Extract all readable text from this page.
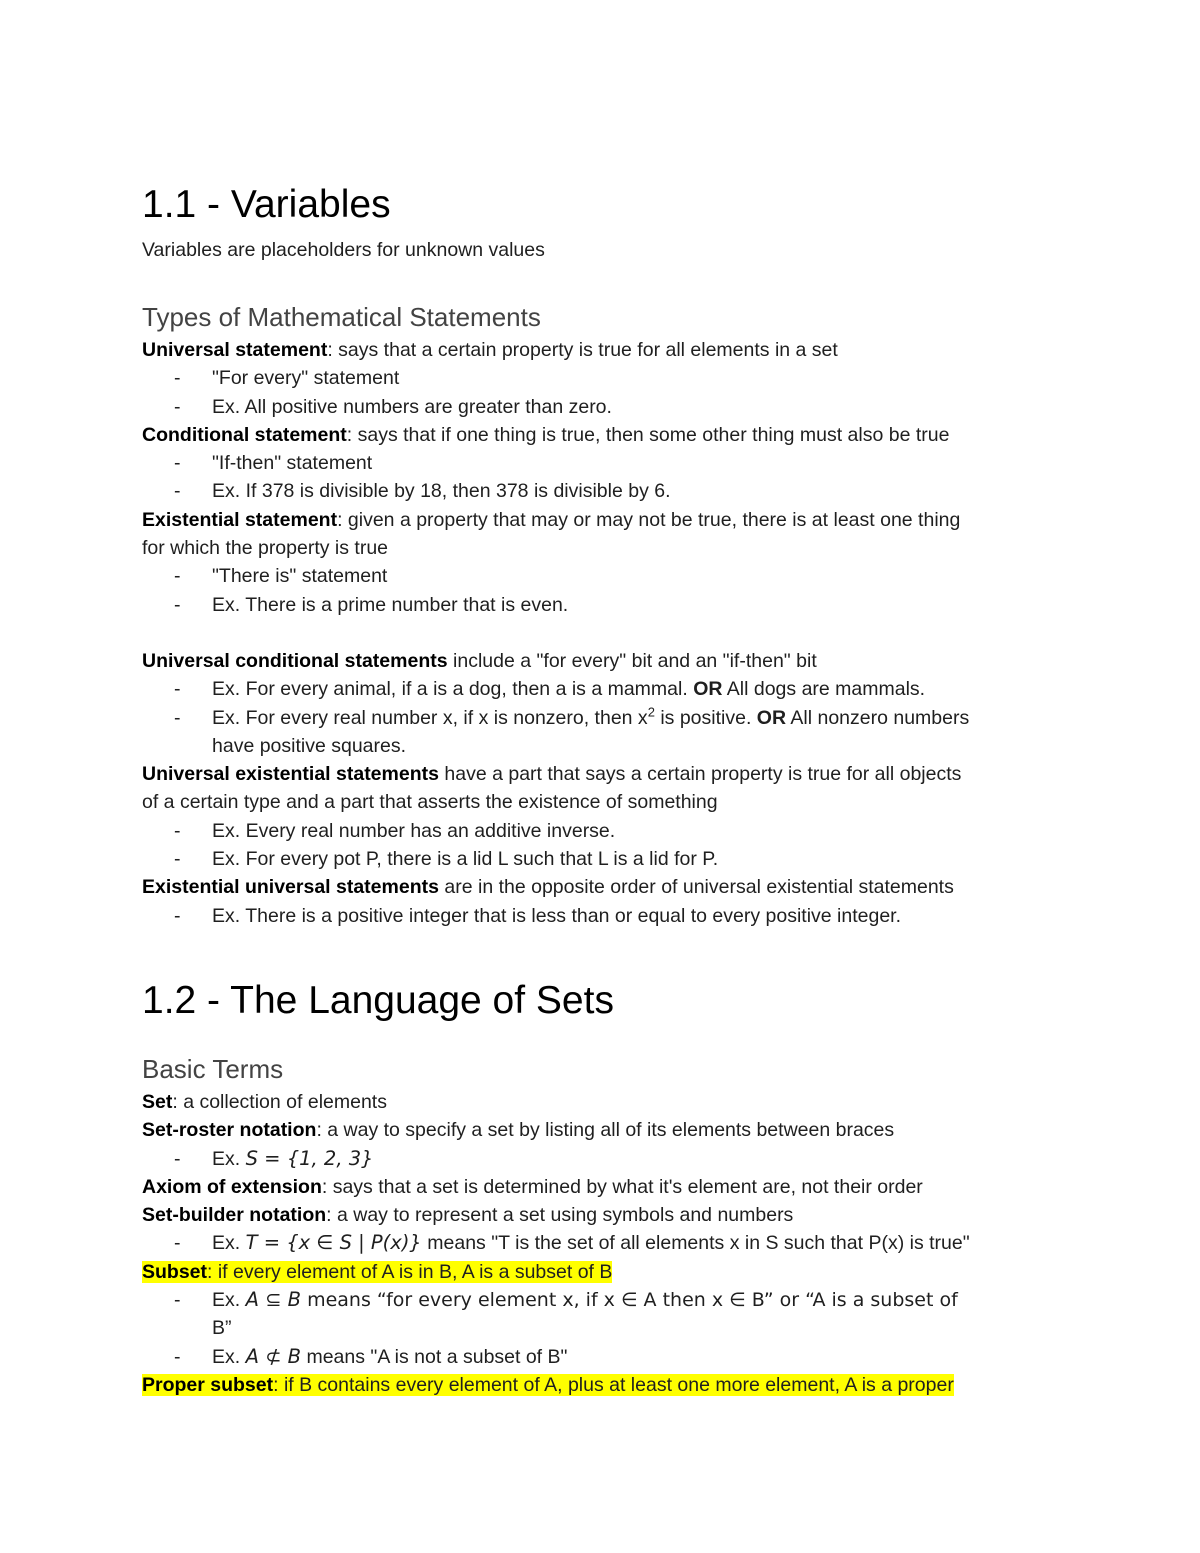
1.1 - Variables

Variables are placeholders for unknown values

Types of Mathematical Statements

Universal statement: says that a certain property is true for all elements in a set

- "For every" statement

- Ex. All positive numbers are greater than zero.

Conditional statement: says that if one thing is true, then some other thing must also be true

- "If-then" statement

- Ex. If 378 is divisible by 18, then 378 is divisible by 6.

Existential statement: given a property that may or may not be true, there is at least one thing

for which the property is true

- "There is" statement

- Ex. There is a prime number that is even.

Universal conditional statements include a "for every" bit and an "if-then" bit

- Ex. For every animal, if a is a dog, then a is a mammal. OR All dogs are mammals.

- Ex. For every real number x, if x is nonzero, then $x^2$ is positive. OR All nonzero numbers
have positive squares.

Universal existential statements have a part that says a certain property is true for all objects

of a certain type and a part that asserts the existence of something

- Ex. Every real number has an additive inverse.

- Ex. For every pot P, there is a lid L such that L is a lid for P.

Existential universal statements are in the opposite order of universal existential statements

- Ex. There is a positive integer that is less than or equal to every positive integer.

1.2 - The Language of Sets
Basic Terms

Set: a collection of elements

Set-roster notation: a way to specify a set by listing all of its elements between braces

- Ex. S = {1, 2, 3}

Axiom of extension: says that a set is determined by what it's element are, not their order

Set-builder notation: a way to represent a set using symbols and numbers

- Ex. T = {x ∈ S | P(x)} means "T is the set of all elements x in S such that P(x) is true"

Subset: if every element of A is in B, A is a subset of B

- Ex. A ⊆ B means “for every element x, if x ∈ A then x ∈ B” or “A is a subset of
B”

- Ex. A ⊄ B means "A is not a subset of B"

Proper subset: if B contains every element of A, plus at least one more element, A is a proper
